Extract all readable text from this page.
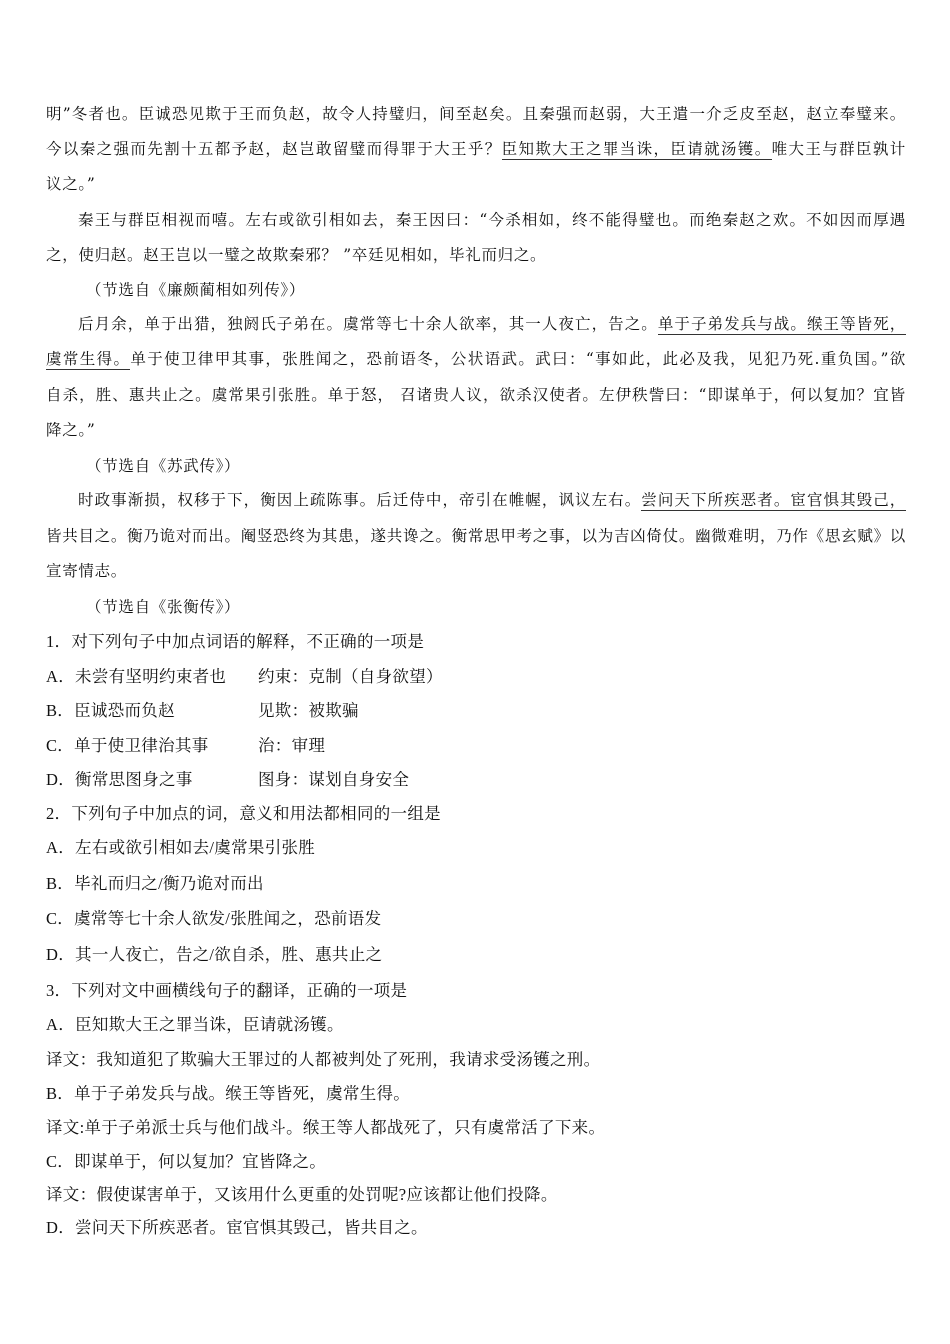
明”冬者也。臣诚恐见欺于王而负赵，故令人持璧归，间至赵矣。且秦强而赵弱，大王遣一介乏皮至赵，赵立奉璧来。
今以秦之强而先割十五都予赵，赵岂敢留璧而得罪于大王乎？臣知欺大王之罪当诛，臣请就汤镬。唯大王与群臣孰计
议之。”
秦王与群臣相视而嘻。左右或欲引相如去，秦王因曰：“今杀相如，终不能得璧也。而绝秦赵之欢。不如因而厚遇
之，使归赵。赵王岂以一璧之故欺秦邪？ ”卒廷见相如，毕礼而归之。
（节选自《廉颇蔺相如列传》）
后月余，单于出猎，独阏氏子弟在。虞常等七十余人欲率，其一人夜亡，告之。单于子弟发兵与战。缑王等皆死，
虞常生得。单于使卫律甲其事，张胜闻之，恐前语冬，公状语武。武曰：“事如此，此必及我，见犯乃死.重负国。”欲
自杀，胜、惠共止之。虞常果引张胜。单于怒， 召诸贵人议，欲杀汉使者。左伊秩訾曰：“即谋单于，何以复加？宜皆
降之。”
（节选自《苏武传》）
时政事渐损，权移于下，衡因上疏陈事。后迁侍中，帝引在帷幄，讽议左右。尝问天下所疾恶者。宦官惧其毁己，
皆共目之。衡乃诡对而出。阉竖恐终为其患，遂共谗之。衡常思甲考之事，以为吉凶倚仗。幽微难明，乃作《思玄赋》以
宣寄情志。
（节选自《张衡传》）
1．对下列句子中加点词语的解释，不正确的一项是
A．未尝有坚明约束者也 约束：克制（自身欲望）
B．臣诚恐而负赵	见欺：被欺骗
C．单于使卫律治其事	治：审理
D．衡常思图身之事	图身：谋划自身安全
2．下列句子中加点的词，意义和用法都相同的一组是
A．左右或欲引相如去/虞常果引张胜
B．毕礼而归之/衡乃诡对而出
C．虞常等七十余人欲发/张胜闻之，恐前语发
D．其一人夜亡，告之/欲自杀，胜、惠共止之
3．下列对文中画横线句子的翻译，正确的一项是
A．臣知欺大王之罪当诛，臣请就汤镬。
译文：我知道犯了欺骗大王罪过的人都被判处了死刑，我请求受汤镬之刑。
B．单于子弟发兵与战。缑王等皆死，虞常生得。
译文:单于子弟派士兵与他们战斗。缑王等人都战死了，只有虞常活了下来。
C．即谋单于，何以复加？宜皆降之。
译文：假使谋害单于，又该用什么更重的处罚呢?应该都让他们投降。
D．尝问天下所疾恶者。宦官惧其毁己，皆共目之。
